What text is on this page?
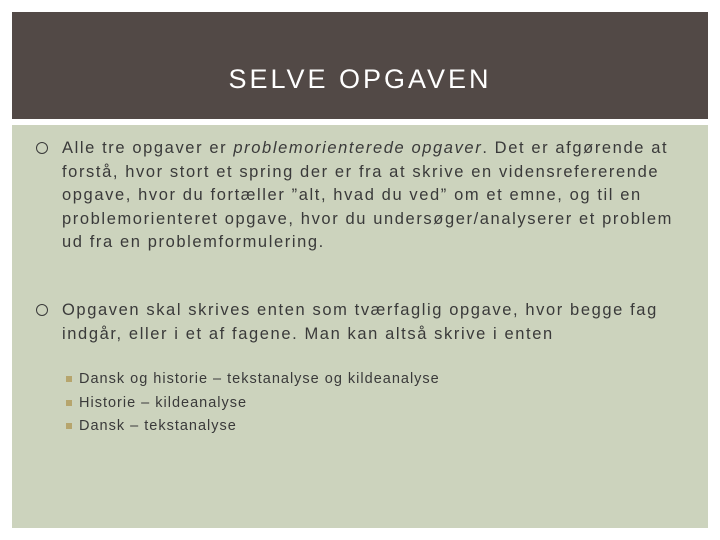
SELVE OPGAVEN
Alle tre opgaver er problemorienterede opgaver. Det er afgørende at forstå, hvor stort et spring der er fra at skrive en vidensrefererende opgave, hvor du fortæller ”alt, hvad du ved” om et emne, og til en problemorienteret opgave, hvor du undersøger/analyserer et problem ud fra en problemformulering.
Opgaven skal skrives enten som tværfaglig opgave, hvor begge fag indgår, eller i et af fagene. Man kan altså skrive i enten
Dansk og historie – tekstanalyse og kildeanalyse
Historie – kildeanalyse
Dansk – tekstanalyse
